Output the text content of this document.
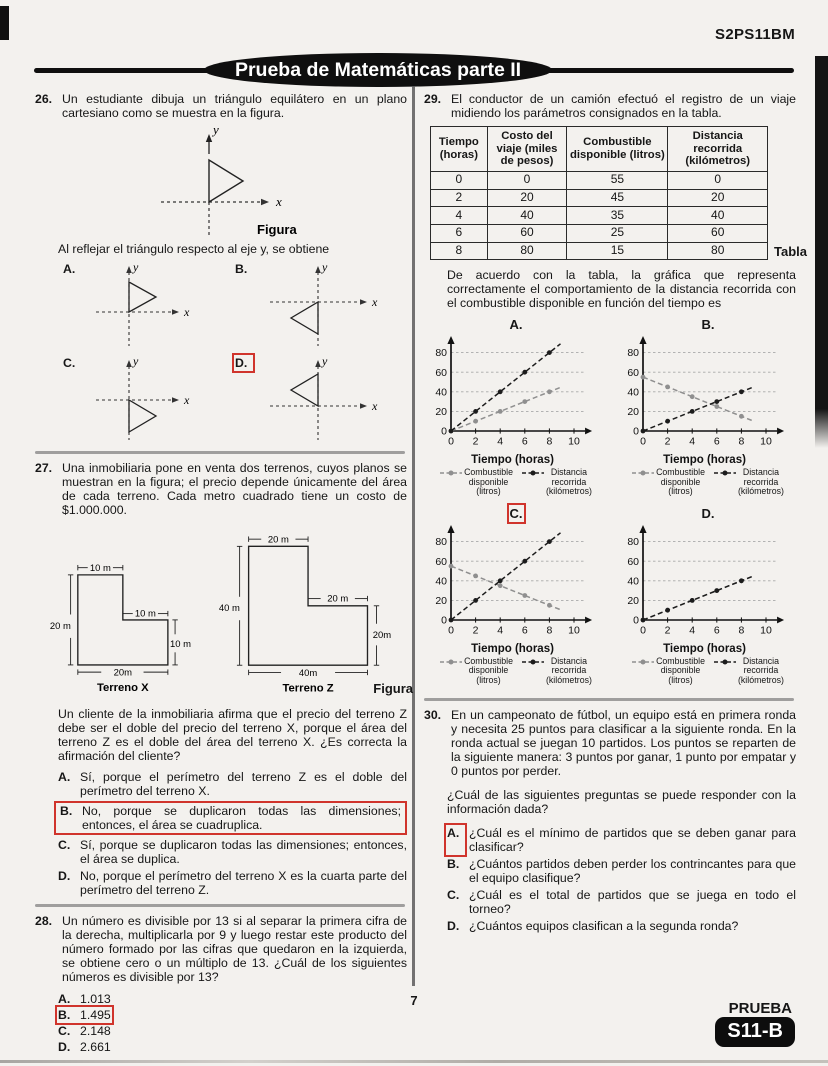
S2PS11BM
Prueba de Matemáticas parte II
26. Un estudiante dibuja un triángulo equilátero en un plano cartesiano como se muestra en la figura.
x
y
Figura
Al reflejar el triángulo respecto al eje y, se obtiene
A.	y
x
B.	y
x
C.	y
x
D.	y
x
27. Una inmobiliaria pone en venta dos terrenos, cuyos planos se muestran en la figura; el precio depende únicamente del área de cada terreno. Cada metro cuadrado tiene un costo de $1.000.000.
10 m
20 m
10 m
10 m
20m
Terreno X
20 m
40 m
20 m
20m
40m
Terreno Z	Figura
Un cliente de la inmobiliaria afirma que el precio del terreno Z debe ser el doble del precio del terreno X, porque el área del terreno Z es el doble del área del terreno X. ¿Es correcta la afirmación del cliente?
A. Sí, porque el perímetro del terreno Z es el doble del perímetro del terreno X.
B. No, porque se duplicaron todas las dimensiones; entonces, el área se cuadruplica.
C. Sí, porque se duplicaron todas las dimensiones; entonces, el área se duplica.
D. No, porque el perímetro del terreno X es la cuarta parte del perímetro del terreno Z.
28. Un número es divisible por 13 si al separar la primera cifra de la derecha, multiplicarla por 9 y luego restar este producto del número formado por las cifras que quedaron en la izquierda, se obtiene cero o un múltiplo de 13. ¿Cuál de los siguientes números es divisible por 13?
A. 1.013
B. 1.495
C. 2.148
D. 2.661
29. El conductor de un camión efectuó el registro de un viaje midiendo los parámetros consignados en la tabla.
Tiempo (horas)	Costo del viaje (miles de pesos)	Combustible disponible (litros)	Distancia recorrida (kilómetros)
0	0	55	0
2	20	45	20
4	40	35	40
6	60	25	60
8	80	15	80	Tabla
De acuerdo con la tabla, la gráfica que representa correctamente el comportamiento de la distancia recorrida con el combustible disponible en función del tiempo es
A.
0
20
40
60
80
0 2 4 6 8 10
Tiempo (horas)
Combustible
disponible
(litros)
Distancia
recorrida
(kilómetros)
B.
0
20
40
60
80
0 2 4 6 8 10
Tiempo (horas)
Combustible
disponible
(litros)
Distancia
recorrida
(kilómetros)
C.
0
20
40
60
80
0 2 4 6 8 10
Tiempo (horas)
Combustible
disponible
(litros)
Distancia
recorrida
(kilómetros)
D.
0
20
40
60
80
0 2 4 6 8 10
Tiempo (horas)
Combustible
disponible
(litros)
Distancia
recorrida
(kilómetros)
30. En un campeonato de fútbol, un equipo está en primera ronda y necesita 25 puntos para clasificar a la siguiente ronda. En la ronda actual se juegan 10 partidos. Los puntos se reparten de la siguiente manera: 3 puntos por ganar, 1 punto por empatar y 0 puntos por perder.
¿Cuál de las siguientes preguntas se puede responder con la información dada?
A. ¿Cuál es el mínimo de partidos que se deben ganar para clasificar?
B. ¿Cuántos partidos deben perder los contrincantes para que el equipo clasifique?
C. ¿Cuál es el total de partidos que se juega en todo el torneo?
D. ¿Cuántos equipos clasifican a la segunda ronda?
7	PRUEBA
S11-B
